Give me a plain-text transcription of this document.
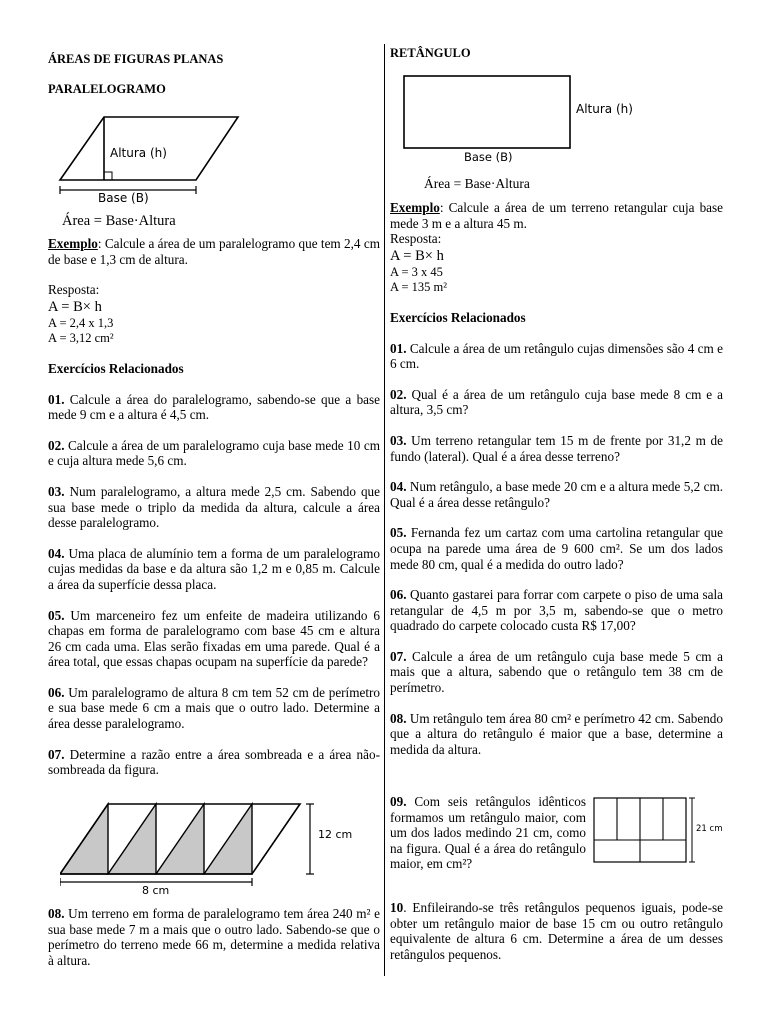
ÁREAS DE FIGURAS PLANAS
PARALELOGRAMO
Altura (h)
Base (B)
Área = Base·Altura

Exemplo: Calcule a área de um paralelogramo que tem 2,4 cm de base e 1,3 cm de altura.

Resposta:

A = B× h

A = 2,4 x 1,3

A = 3,12 cm²

Exercícios Relacionados

01. Calcule a área do paralelogramo, sabendo-se que a base mede 9 cm e a altura é 4,5 cm.

02. Calcule a área de um paralelogramo cuja base mede 10 cm e cuja altura mede 5,6 cm.

03. Num paralelogramo, a altura mede 2,5 cm. Sabendo que sua base mede o triplo da medida da altura, calcule a área desse paralelogramo.

04. Uma placa de alumínio tem a forma de um paralelogramo cujas medidas da base e da altura são 1,2 m e 0,85 m. Calcule a área da superfície dessa placa.

05. Um marceneiro fez um enfeite de madeira utilizando 6 chapas em forma de paralelogramo com base 45 cm e altura 26 cm cada uma. Elas serão fixadas em uma parede. Qual é a área total, que essas chapas ocupam na superfície da parede?

06. Um paralelogramo de altura 8 cm tem 52 cm de perímetro e sua base mede 6 cm a mais que o outro lado. Determine a área desse paralelogramo.

07. Determine a razão entre a área sombreada e a área não-sombreada da figura.

12 cm
8 cm

08. Um terreno em forma de paralelogramo tem área 240 m² e sua base mede 7 m a mais que o outro lado. Sabendo-se que o perímetro do terreno mede 66 m, determine a medida relativa à altura.

RETÂNGULO
Altura (h)
Base (B)
Área = Base·Altura

Exemplo: Calcule a área de um terreno retangular cuja base mede 3 m e a altura 45 m.

Resposta:

A = B× h

A = 3 x 45

A = 135 m²

Exercícios Relacionados

01. Calcule a área de um retângulo cujas dimensões são 4 cm e 6 cm.

02. Qual é a área de um retângulo cuja base mede 8 cm e a altura, 3,5 cm?

03. Um terreno retangular tem 15 m de frente por 31,2 m de fundo (lateral). Qual é a área desse terreno?

04. Num retângulo, a base mede 20 cm e a altura mede 5,2 cm. Qual é a área desse retângulo?

05. Fernanda fez um cartaz com uma cartolina retangular que ocupa na parede uma área de 9 600 cm². Se um dos lados mede 80 cm, qual é a medida do outro lado?

06. Quanto gastarei para forrar com carpete o piso de uma sala retangular de 4,5 m por 3,5 m, sabendo-se que o metro quadrado do carpete colocado custa R$ 17,00?

07. Calcule a área de um retângulo cuja base mede 5 cm a mais que a altura, sabendo que o retângulo tem 38 cm de perímetro.

08. Um retângulo tem área 80 cm² e perímetro 42 cm. Sabendo que a altura do retângulo é maior que a base, determine a medida da altura.

09. Com seis retângulos idênticos formamos um retângulo maior, com um dos lados medindo 21 cm, como na figura. Qual é a área do retângulo maior, em cm²?

21 cm

10. Enfileirando-se três retângulos pequenos iguais, pode-se obter um retângulo maior de base 15 cm ou outro retângulo equivalente de altura 6 cm. Determine a área de um desses retângulos pequenos.
